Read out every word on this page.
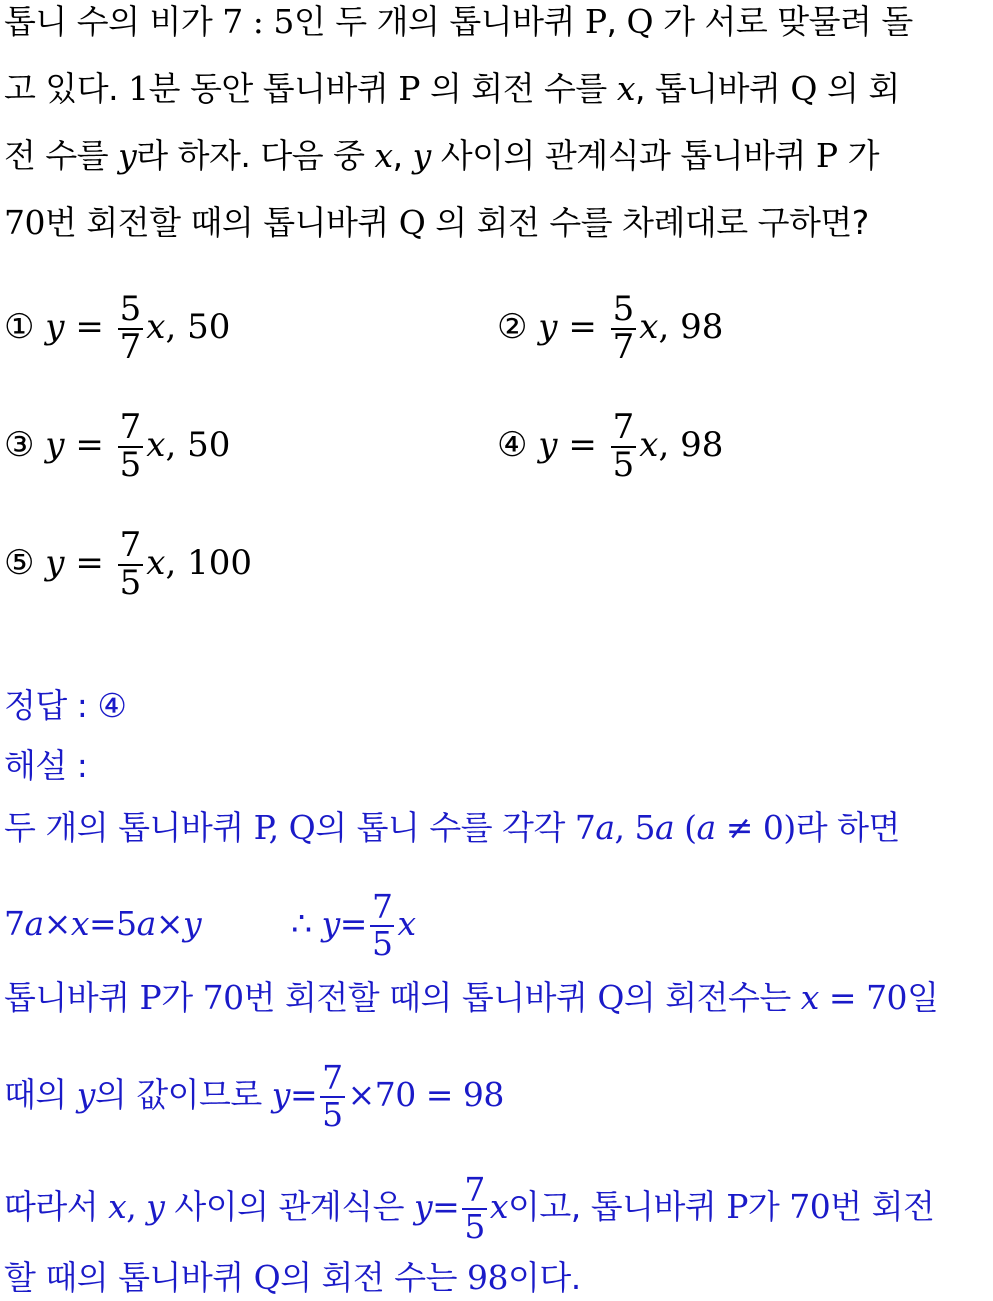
톱니 수의 비가 7 : 5인 두 개의 톱니바퀴 P, Q 가 서로 맞물려 돌
고 있다. 1분 동안 톱니바퀴 P 의 회전 수를 x, 톱니바퀴 Q 의 회
전 수를 y라 하자. 다음 중 x, y 사이의 관계식과 톱니바퀴 P 가
70번 회전할 때의 톱니바퀴 Q 의 회전 수를 차례대로 구하면?
① $y = \frac{5}{7} x$, 50	② $y = \frac{5}{7} x$, 98
③ $y = \frac{7}{5} x$, 50	④ $y = \frac{7}{5} x$, 98
⑤ $y = \frac{7}{5} x$, 100
정답 : ④
해설 :
두 개의 톱니바퀴 P, Q의 톱니 수를 각각 7a, 5a (a ≠ 0)라 하면
7a×x=5a×y	∴ $y= \frac{7}{5}$ x
톱니바퀴 P가 70번 회전할 때의 톱니바퀴 Q의 회전수는 x = 70일
때의 y의 값이므로 $y= \frac{7}{5} \times 70 = 98$
따라서 x, y 사이의 관계식은 $y= \frac{7}{5}$ x이고, 톱니바퀴 P가 70번 회전
할 때의 톱니바퀴 Q의 회전 수는 98이다.
